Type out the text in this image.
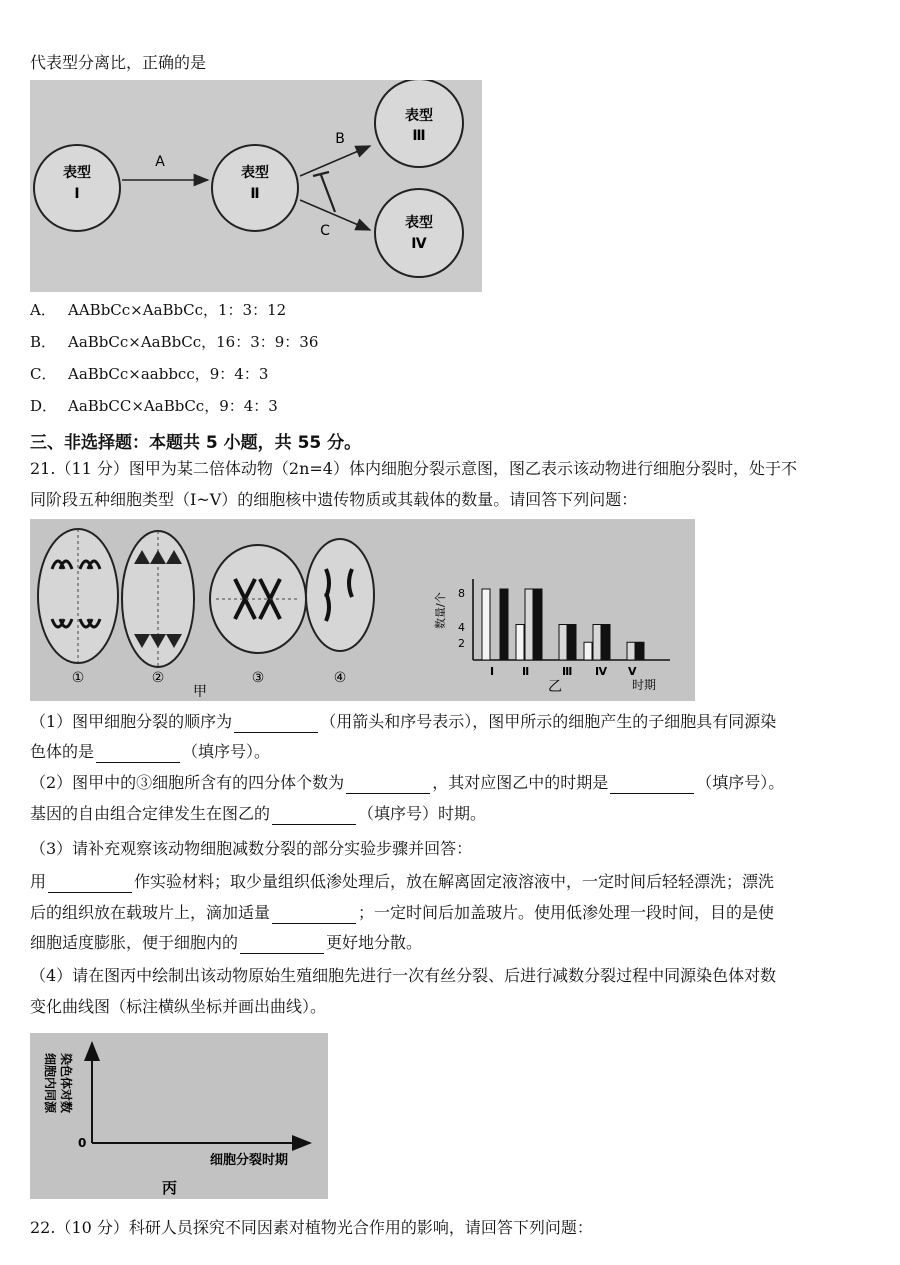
代表型分离比，正确的是
表型
Ⅰ
表型
Ⅱ
表型
Ⅲ
表型
Ⅳ
A
B
C
A． AABbCc×AaBbCc，1：3：12
B． AaBbCc×AaBbCc，16：3：9：36
C． AaBbCc×aabbcc，9：4：3
D． AaBbCC×AaBbCc，9：4：3
三、非选择题：本题共 5 小题，共 55 分。
21.（11 分）图甲为某二倍体动物（2n=4）体内细胞分裂示意图，图乙表示该动物进行细胞分裂时，处于不
同阶段五种细胞类型（Ⅰ~Ⅴ）的细胞核中遗传物质或其载体的数量。请回答下列问题：
①	②	③	④
甲
数量/个
时期
乙
8
4
2
Ⅰ	Ⅱ	Ⅲ Ⅳ Ⅴ
（1）图甲细胞分裂的顺序为	（用箭头和序号表示），图甲所示的细胞产生的子细胞具有同源染
色体的是	（填序号）。
（2）图甲中的③细胞所含有的四分体个数为	，其对应图乙中的时期是	（填序号）。
基因的自由组合定律发生在图乙的	（填序号）时期。
（3）请补充观察该动物细胞减数分裂的部分实验步骤并回答：
用	作实验材料；取少量组织低渗处理后，放在解离固定液溶液中，一定时间后轻轻漂洗；漂洗
后的组织放在载玻片上，滴加适量	；一定时间后加盖玻片。使用低渗处理一段时间，目的是使
细胞适度膨胀，便于细胞内的	更好地分散。
（4）请在图丙中绘制出该动物原始生殖细胞先进行一次有丝分裂、后进行减数分裂过程中同源染色体对数
变化曲线图（标注横纵坐标并画出曲线）。
细胞内同源 染色体对数
0
细胞分裂时期
丙
22.（10 分）科研人员探究不同因素对植物光合作用的影响，请回答下列问题：
